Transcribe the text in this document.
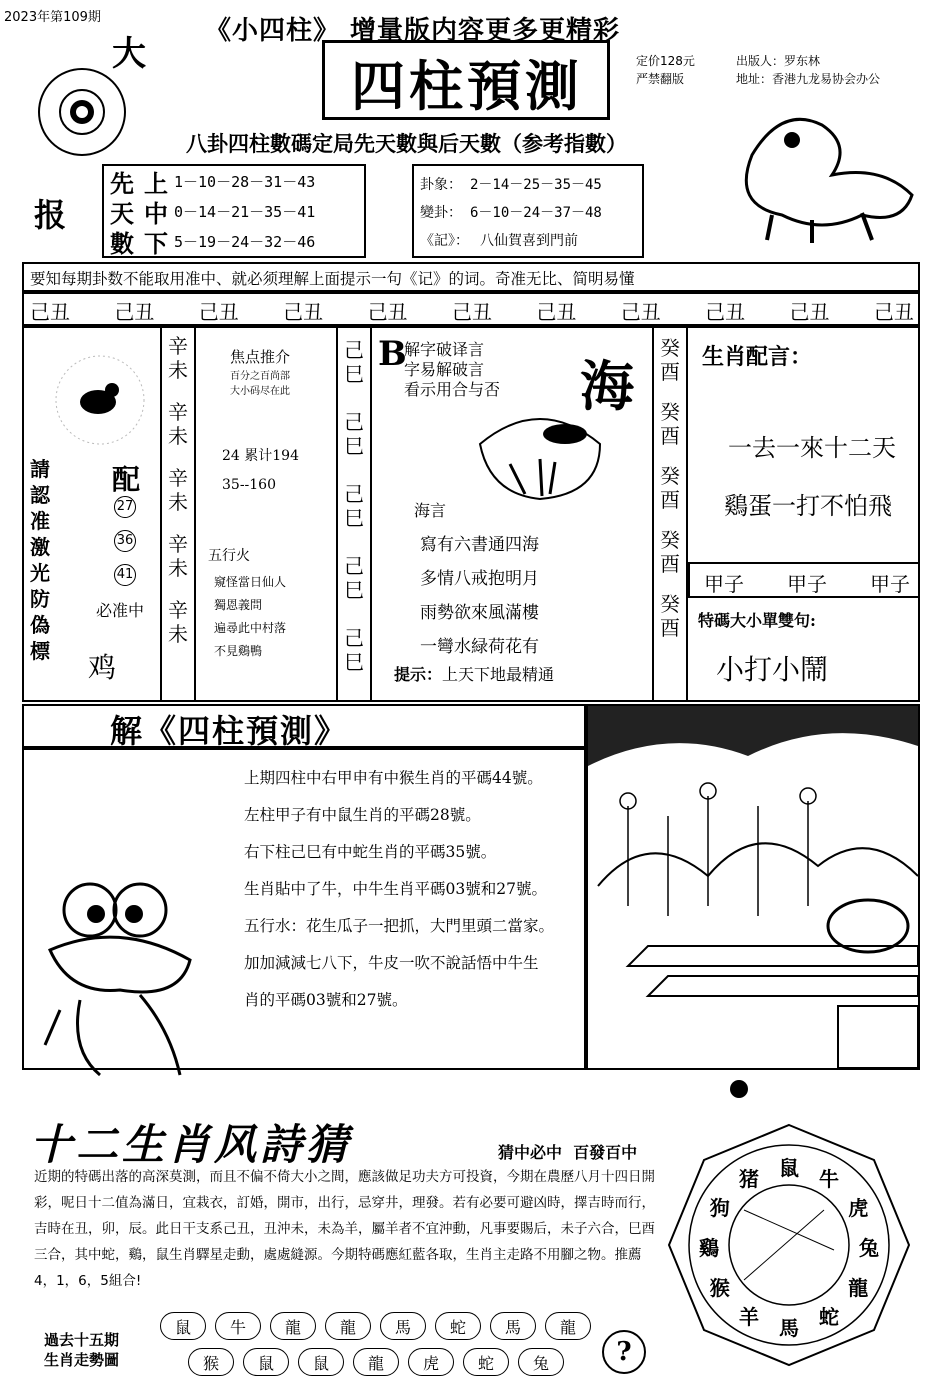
2023年第109期	《小四柱》 增量版内容更多更精彩
大
报
四柱預測	定价128元
严禁翻版
出版人：罗东林
地址：香港九龙易协会办公
八卦四柱數碼定局先天數與后天數（参考指數）
先 上 1－10－28－31－43
天 中 0－14－21－35－41
數 下 5－19－24－32－46
卦象： 2－14－25－35－45
變卦： 6－10－24－37－48
《記》： 八仙賀喜到門前
要知每期卦数不能取用准中、就必须理解上面提示一句《记》的词。奇准无比、简明易懂
己丑 己丑 己丑 己丑 己丑 己丑 己丑 己丑 己丑 己丑 己丑
請
認
准
激
光
防
偽
標
配
27
36
41
必准中
鸡
辛未
辛未
辛未
辛未
辛未
焦点推介
百分之百尚部
大小码尽在此
24 累计194
35--160
五行火
窺怪當日仙人
獨恩義問
遍尋此中村落
不見鷄鴨
己巳
己巳
己巳
己巳
己巳
B
解字破译言
字易解破言
看示用合与否 海
海言
寫有六書通四海
多情八戒抱明月
雨勢欲來風滿樓
一彎水緑荷花有
提示：上天下地最精通
癸酉
癸酉
癸酉
癸酉
癸酉
生肖配言：
一去一來十二天
鷄蛋一打不怕飛
甲子 甲子 甲子
特碼大小單雙句:
小打小鬧
解《四柱預測》
上期四柱中右甲申有中猴生肖的平碼44號。
左柱甲子有中鼠生肖的平碼28號。
右下柱己巳有中蛇生肖的平碼35號。
生肖貼中了牛，中牛生肖平碼03號和27號。
五行水：花生瓜子一把抓，大門里頭二當家。
加加減減七八下，牛皮一吹不說話悟中牛生
肖的平碼03號和27號。
十二生肖风詩猜	猜中必中  百發百中
近期的特碼出落的高深莫測，而且不偏不倚大小之間，應該做足功夫方可投資，今期在農歷八月十四日開彩，呢日十二值為滿日，宜栽衣，訂婚，開市，出行，忌穿井，理發。若有必要可避凶時，擇吉時而行，吉時在丑，卯，辰。此日干支系己丑，丑沖未，未為羊，屬羊者不宜沖動，凡事要賜后，未子六合，巳酉三合，其中蛇，鷄，鼠生肖驛星走動，處處縫源。今期特碼應紅藍各取，生肖主走路不用腳之物。推薦4，1，6，5組合!
過去十五期
生肖走勢圖
鼠	牛	龍	龍	馬	蛇	馬	龍
猴	鼠	鼠	龍	虎	蛇	兔	?
鼠 牛
虎
兔
龍
蛇
馬
羊
猴
鷄
狗
猪
